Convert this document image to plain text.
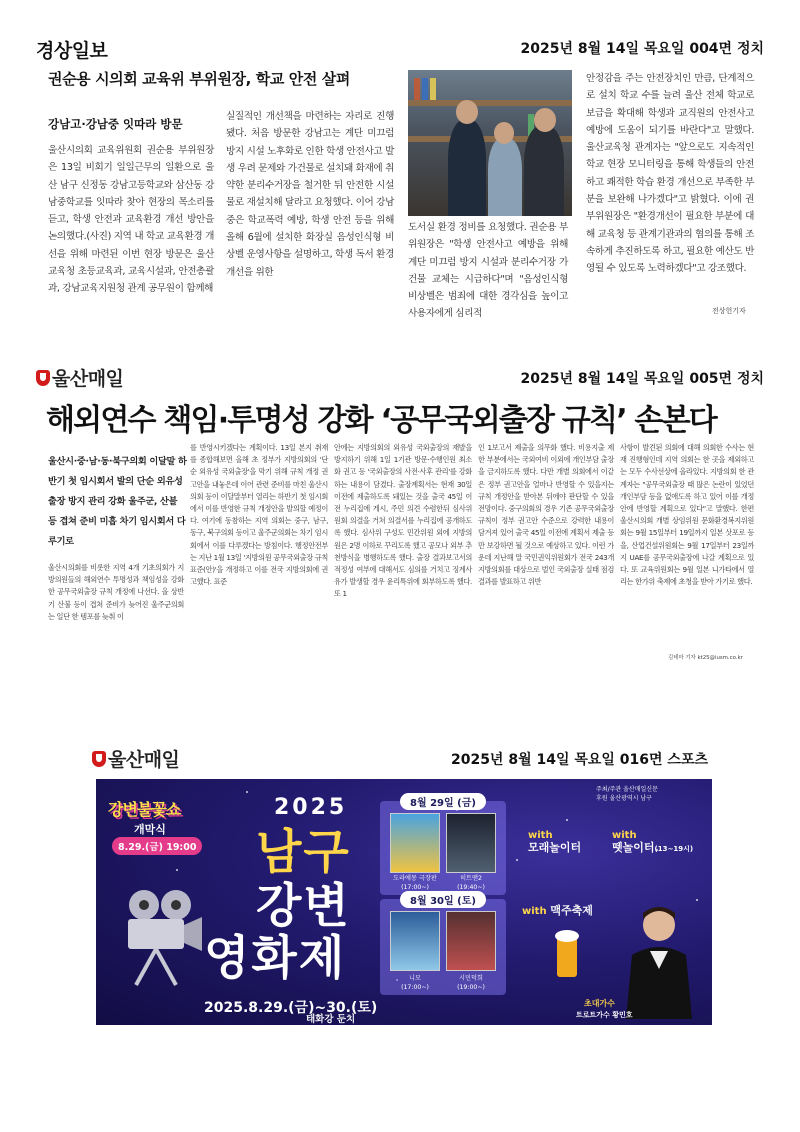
경상일보	2025년 8월 14일 목요일 004면 정치
권순용 시의회 교육위 부위원장, 학교 안전 살펴
강남고·강남중 잇따라 방문
울산시의회 교육위원회 권순용 부위원장은 13일 비회기 일일근무의 일환으로 울산 남구 신정동 강남고등학교와 삼산동 강남중학교를 잇따라 찾아 현장의 목소리를 듣고, 학생 안전과 교육환경 개선 방안을 논의했다.(사진) 지역 내 학교 교육환경 개선을 위해 마련된 이번 현장 방문은 울산교육청 초등교육과, 교육시설과, 안전총괄과, 강남교육지원청 관계 공무원이 함께해
실질적인 개선책을 마련하는 자리로 진행됐다. 처음 방문한 강남고는 계단 미끄럼 방지 시설 노후화로 인한 학생 안전사고 발생 우려 문제와 가건물로 설치돼 화재에 취약한 분리수거장을 철거한 뒤 안전한 시설물로 재설치해 달라고 요청했다. 이어 강남중은 학교폭력 예방, 학생 안전 등을 위해 올해 6월에 설치한 화장실 음성인식형 비상벨 운영사항을 설명하고, 학생 독서 환경 개선을 위한
도서실 환경 정비를 요청했다. 권순용 부위원장은 "학생 안전사고 예방을 위해 계단 미끄럼 방지 시설과 분리수거장 가건물 교체는 시급하다"며 "음성인식형 비상벨은 범죄에 대한 경각심을 높이고 사용자에게 심리적
안정감을 주는 안전장치인 만큼, 단계적으로 설치 학교 수를 늘려 울산 전체 학교로 보급을 확대해 학생과 교직원의 안전사고 예방에 도움이 되기를 바란다"고 말했다. 울산교육청 관계자는 "앞으로도 지속적인 학교 현장 모니터링을 통해 학생들의 안전하고 쾌적한 학습 환경 개선으로 부족한 부분을 보완해 나가겠다"고 밝혔다. 이에 권 부위원장은 "환경개선이 필요한 부분에 대해 교육청 등 관계기관과의 협의를 통해 조속하게 추진하도록 하고, 필요한 예산도 반영될 수 있도록 노력하겠다"고 강조했다.
전상헌기자
울산매일	2025년 8월 14일 목요일 005면 정치
해외연수 책임·투명성 강화 ‘공무국외출장 규칙’ 손본다
울산시·중·남·동·북구의회 이달말 하반기 첫 임시회서 발의 단순 외유성 출장 방지 관리 강화 울주군, 산불 등 겹쳐 준비 미흡 차기 임시회서 다루기로
울산시의회를 비롯한 지역 4개 기초의회가 지방의원들의 해외연수 투명성과 책임성을 강화한 공무국외출장 규칙 개정에 나선다. 올 상반기 산불 등이 겹쳐 준비가 늦어진 울주군의회는 일단 한 템포를 늦춰 이
를 반영시키겠다는 계획이다. 13일 본지 취재를 종합해보면 올해 초 정부가 지방의회의 '단순 외유성 국외출장'을 막기 위해 규칙 개정 권고안을 내놓은데 이어 관련 준비를 마친 울산시의회 등이 이달말부터 열리는 하반기 첫 임시회에서 이를 반영한 규칙 개정안을 발의할 예정이다. 여기에 동참하는 지역 의회는 중구, 남구, 동구, 북구의회 등이고 울주군의회는 차기 임시회에서 이를 다루겠다는 방침이다. 행정안전부는 지난 1월 13일 '지방의원 공무국외출장 규칙 표준(안)'을 개정하고 이를 전국 지방의회에 권고했다. 표준
안에는 지방의회의 외유성 국외출장의 재발을 방지하기 위해 1일 1기관 방문·수행인원 최소화 권고 등 '국외출장의 사전·사후 관리'를 강화하는 내용이 담겼다. 출장계획서는 현재 30일 이전에 제출하도록 돼있는 것을 출국 45일 이전 누리집에 게시, 주민 의견 수렴한뒤 심사위원회 의결을 거쳐 의결서를 누리집에 공개하도록 했다. 심사위 구성도 민간위원 외에 지방의원은 2명 이하로 꾸리도록 했고 공모나 외부 추천방식을 병행하도록 했다. 출장 결과보고서의 적정성 여부에 대해서도 심의를 거치고 징계사유가 발생할 경우 윤리특위에 회부하도록 했다. 또 1
인 1보고서 제출을 의무화 했다. 비용지출 제한 부분에서는 국외여비 이외에 개인부담 출장을 금지하도록 했다. 다만 개별 의회에서 이같은 정부 권고안을 얼마나 반영할 수 있을지는 규칙 개정안을 받아본 뒤에야 판단할 수 있을 전망이다. 중구의회의 경우 기존 공무국외출장 규칙이 정부 권고안 수준으로 강력한 내용이 담겨져 있어 출국 45일 이전에 계획서 제출 등만 보강하면 될 것으로 예상하고 있다. 이런 가운데 지난해 말 국민권익위원회가 전국 243개 지방의회를 대상으로 벌인 국외출장 실태 점검 결과를 발표하고 위반
사항이 발견된 의회에 대해 의회한 수사는 현재 진행형인데 지역 의회는 한 곳을 제외하고는 모두 수사선상에 올라있다. 지방의회 한 관계자는 "공무국외출장 때 많은 논란이 있었던 개인부담 등을 없애도록 하고 있어 이를 개정안에 반영할 계획으로 있다"고 말했다. 한편 울산시의회 개별 상임위원 문화환경복지위원회는 9월 15일부터 19일까지 일본 삿포로 등을, 산업건설위원회는 9월 17일부터 23일까지 UAE를 공무국외출장에 나갈 계획으로 있다. 또 교육위원회는 9월 일본 니가타에서 열리는 한가위 축제에 초청을 받아 가기로 했다.
김테마 기자 kt25@iusm.co.kr
울산매일	2025년 8월 14일 목요일 016면 스포츠
강변불꽃쇼
개막식
8.29.(금) 19:00
2025
남구
강변
영화제
2025.8.29.(금)~30.(토)
태화강 둔치
8월 29일 (금)
도라에몽 극장판
(17:00~)
히트맨2
(19:40~)
8월 30일 (토)
니모
(17:00~)
시민덕희
(19:00~)
with
모래놀이터
with
뗏놀이터(13~19시)
with 맥주축제
주최/주관 울산매일신문
후원 울산광역시 남구
초대가수
트로트가수 황민호
